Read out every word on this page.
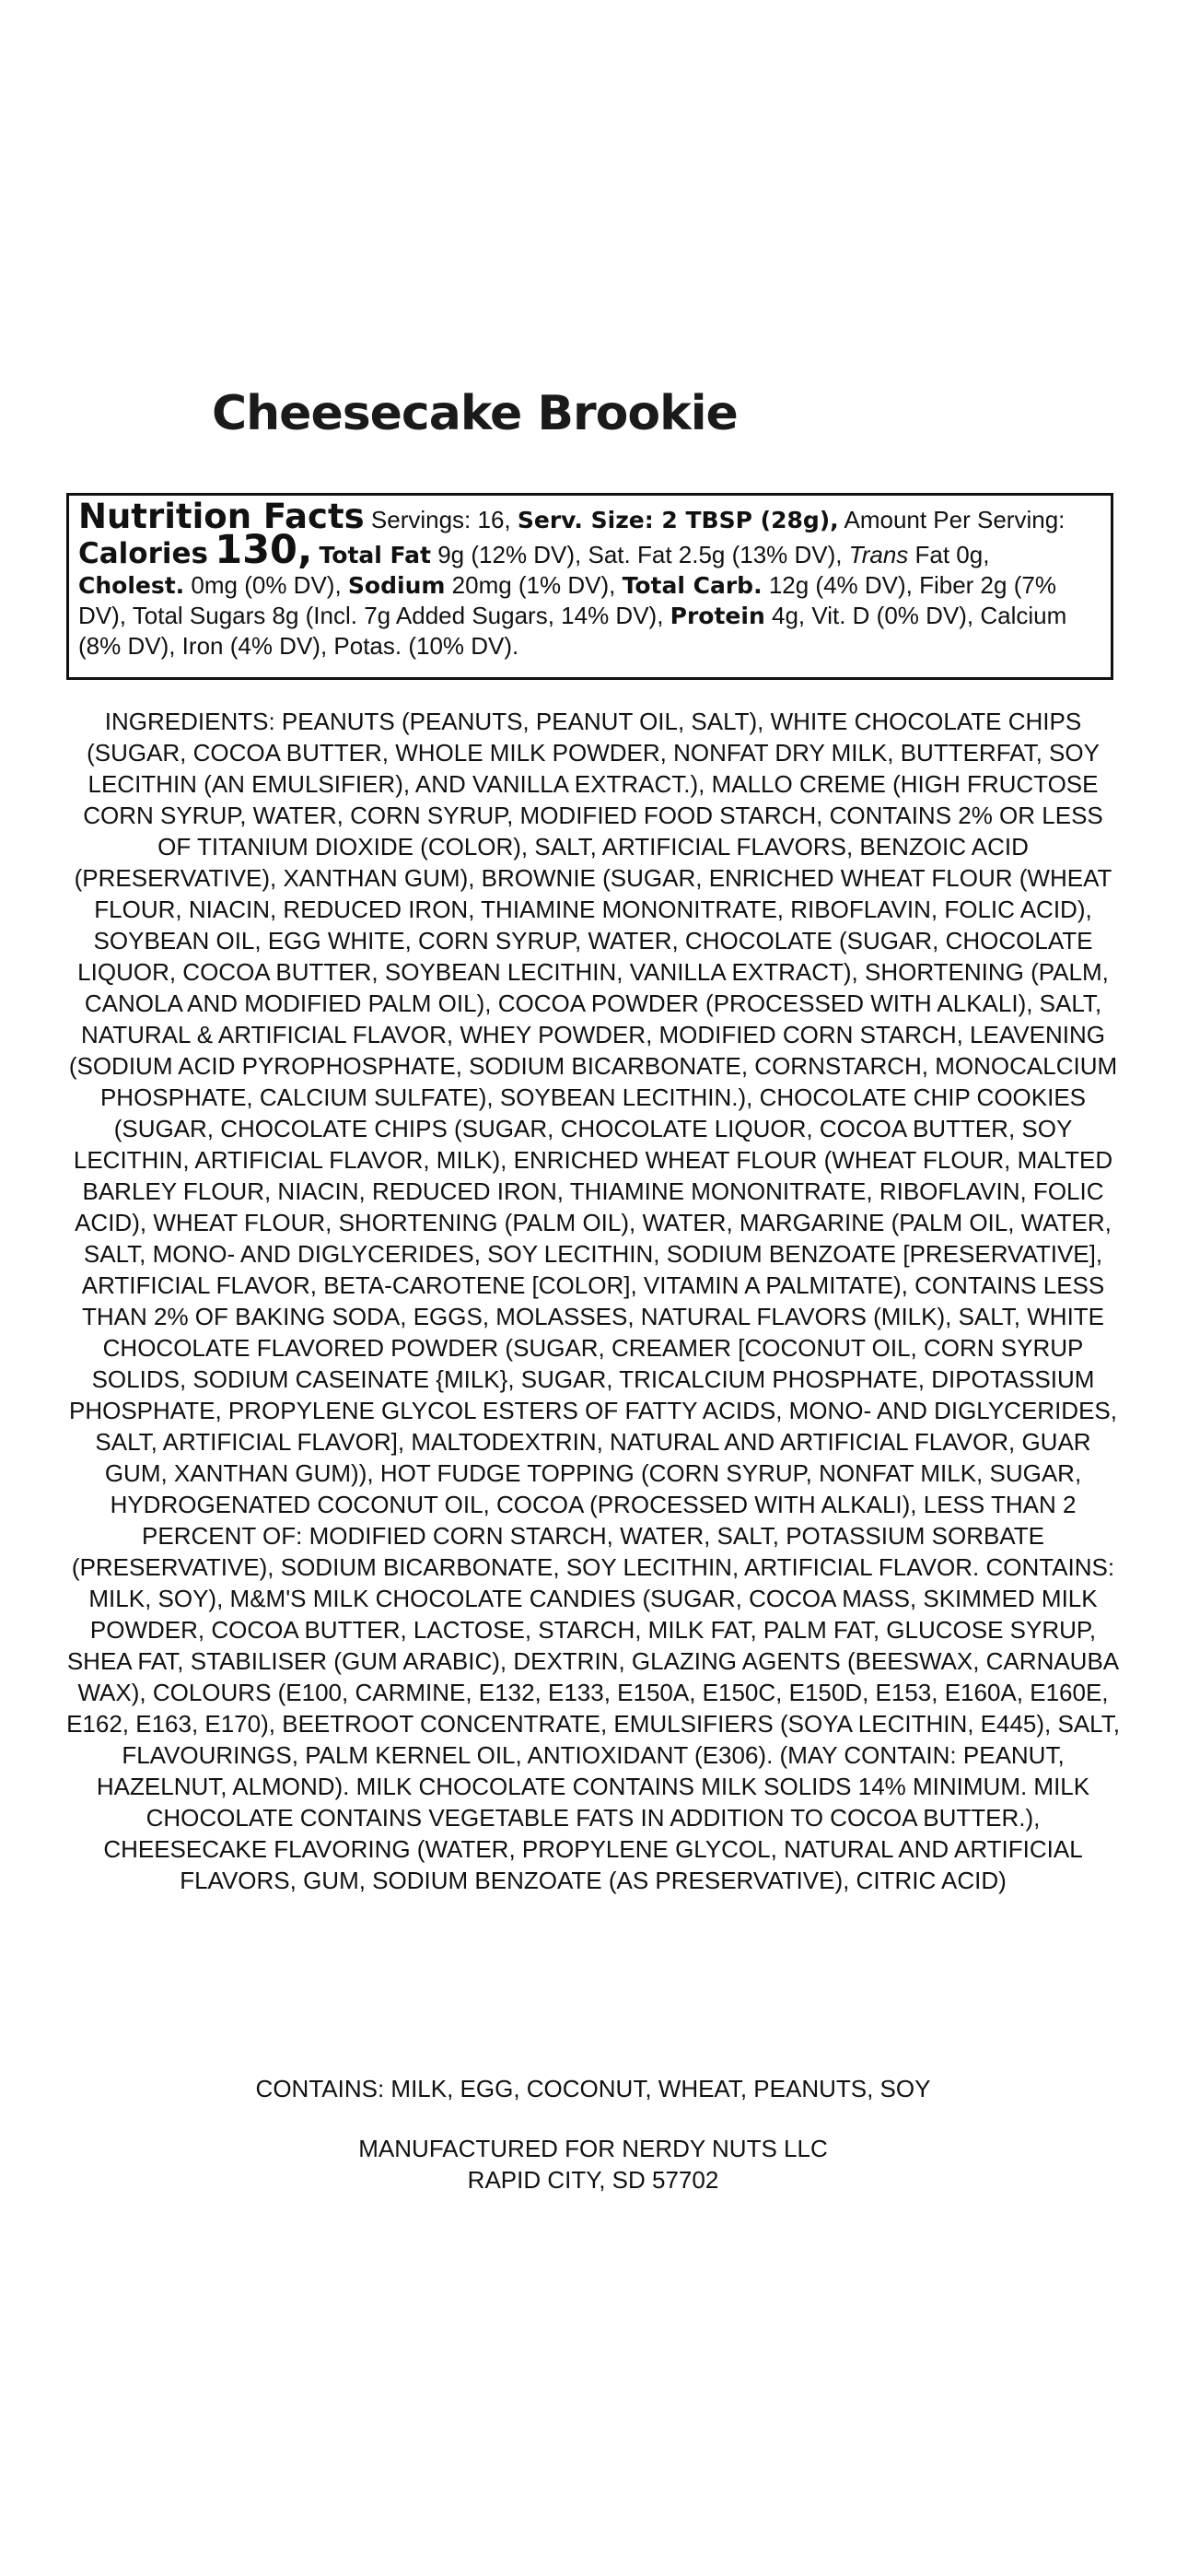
Cheesecake Brookie
Nutrition Facts Servings: 16, Serv. Size: 2 TBSP (28g), Amount Per Serving: Calories 130, Total Fat 9g (12% DV), Sat. Fat 2.5g (13% DV), Trans Fat 0g, Cholest. 0mg (0% DV), Sodium 20mg (1% DV), Total Carb. 12g (4% DV), Fiber 2g (7% DV), Total Sugars 8g (Incl. 7g Added Sugars, 14% DV), Protein 4g, Vit. D (0% DV), Calcium (8% DV), Iron (4% DV), Potas. (10% DV).

INGREDIENTS: PEANUTS (PEANUTS, PEANUT OIL, SALT), WHITE CHOCOLATE CHIPS (SUGAR, COCOA BUTTER, WHOLE MILK POWDER, NONFAT DRY MILK, BUTTERFAT, SOY LECITHIN (AN EMULSIFIER), AND VANILLA EXTRACT.), MALLO CREME (HIGH FRUCTOSE CORN SYRUP, WATER, CORN SYRUP, MODIFIED FOOD STARCH, CONTAINS 2% OR LESS OF TITANIUM DIOXIDE (COLOR), SALT, ARTIFICIAL FLAVORS, BENZOIC ACID (PRESERVATIVE), XANTHAN GUM), BROWNIE (SUGAR, ENRICHED WHEAT FLOUR (WHEAT FLOUR, NIACIN, REDUCED IRON, THIAMINE MONONITRATE, RIBOFLAVIN, FOLIC ACID), SOYBEAN OIL, EGG WHITE, CORN SYRUP, WATER, CHOCOLATE (SUGAR, CHOCOLATE LIQUOR, COCOA BUTTER, SOYBEAN LECITHIN, VANILLA EXTRACT), SHORTENING (PALM, CANOLA AND MODIFIED PALM OIL), COCOA POWDER (PROCESSED WITH ALKALI), SALT, NATURAL & ARTIFICIAL FLAVOR, WHEY POWDER, MODIFIED CORN STARCH, LEAVENING (SODIUM ACID PYROPHOSPHATE, SODIUM BICARBONATE, CORNSTARCH, MONOCALCIUM PHOSPHATE, CALCIUM SULFATE), SOYBEAN LECITHIN.), CHOCOLATE CHIP COOKIES (SUGAR, CHOCOLATE CHIPS (SUGAR, CHOCOLATE LIQUOR, COCOA BUTTER, SOY LECITHIN, ARTIFICIAL FLAVOR, MILK), ENRICHED WHEAT FLOUR (WHEAT FLOUR, MALTED BARLEY FLOUR, NIACIN, REDUCED IRON, THIAMINE MONONITRATE, RIBOFLAVIN, FOLIC ACID), WHEAT FLOUR, SHORTENING (PALM OIL), WATER, MARGARINE (PALM OIL, WATER, SALT, MONO- AND DIGLYCERIDES, SOY LECITHIN, SODIUM BENZOATE [PRESERVATIVE], ARTIFICIAL FLAVOR, BETA-CAROTENE [COLOR], VITAMIN A PALMITATE), CONTAINS LESS THAN 2% OF BAKING SODA, EGGS, MOLASSES, NATURAL FLAVORS (MILK), SALT, WHITE CHOCOLATE FLAVORED POWDER (SUGAR, CREAMER [COCONUT OIL, CORN SYRUP SOLIDS, SODIUM CASEINATE {MILK}, SUGAR, TRICALCIUM PHOSPHATE, DIPOTASSIUM PHOSPHATE, PROPYLENE GLYCOL ESTERS OF FATTY ACIDS, MONO- AND DIGLYCERIDES, SALT, ARTIFICIAL FLAVOR], MALTODEXTRIN, NATURAL AND ARTIFICIAL FLAVOR, GUAR GUM, XANTHAN GUM)), HOT FUDGE TOPPING (CORN SYRUP, NONFAT MILK, SUGAR, HYDROGENATED COCONUT OIL, COCOA (PROCESSED WITH ALKALI), LESS THAN 2 PERCENT OF: MODIFIED CORN STARCH, WATER, SALT, POTASSIUM SORBATE (PRESERVATIVE), SODIUM BICARBONATE, SOY LECITHIN, ARTIFICIAL FLAVOR. CONTAINS: MILK, SOY), M&M'S MILK CHOCOLATE CANDIES (SUGAR, COCOA MASS, SKIMMED MILK POWDER, COCOA BUTTER, LACTOSE, STARCH, MILK FAT, PALM FAT, GLUCOSE SYRUP, SHEA FAT, STABILISER (GUM ARABIC), DEXTRIN, GLAZING AGENTS (BEESWAX, CARNAUBA WAX), COLOURS (E100, CARMINE, E132, E133, E150A, E150C, E150D, E153, E160A, E160E, E162, E163, E170), BEETROOT CONCENTRATE, EMULSIFIERS (SOYA LECITHIN, E445), SALT, FLAVOURINGS, PALM KERNEL OIL, ANTIOXIDANT (E306). (MAY CONTAIN: PEANUT, HAZELNUT, ALMOND). MILK CHOCOLATE CONTAINS MILK SOLIDS 14% MINIMUM. MILK CHOCOLATE CONTAINS VEGETABLE FATS IN ADDITION TO COCOA BUTTER.), CHEESECAKE FLAVORING (WATER, PROPYLENE GLYCOL, NATURAL AND ARTIFICIAL FLAVORS, GUM, SODIUM BENZOATE (AS PRESERVATIVE), CITRIC ACID)

CONTAINS: MILK, EGG, COCONUT, WHEAT, PEANUTS, SOY

MANUFACTURED FOR NERDY NUTS LLC
RAPID CITY, SD 57702
